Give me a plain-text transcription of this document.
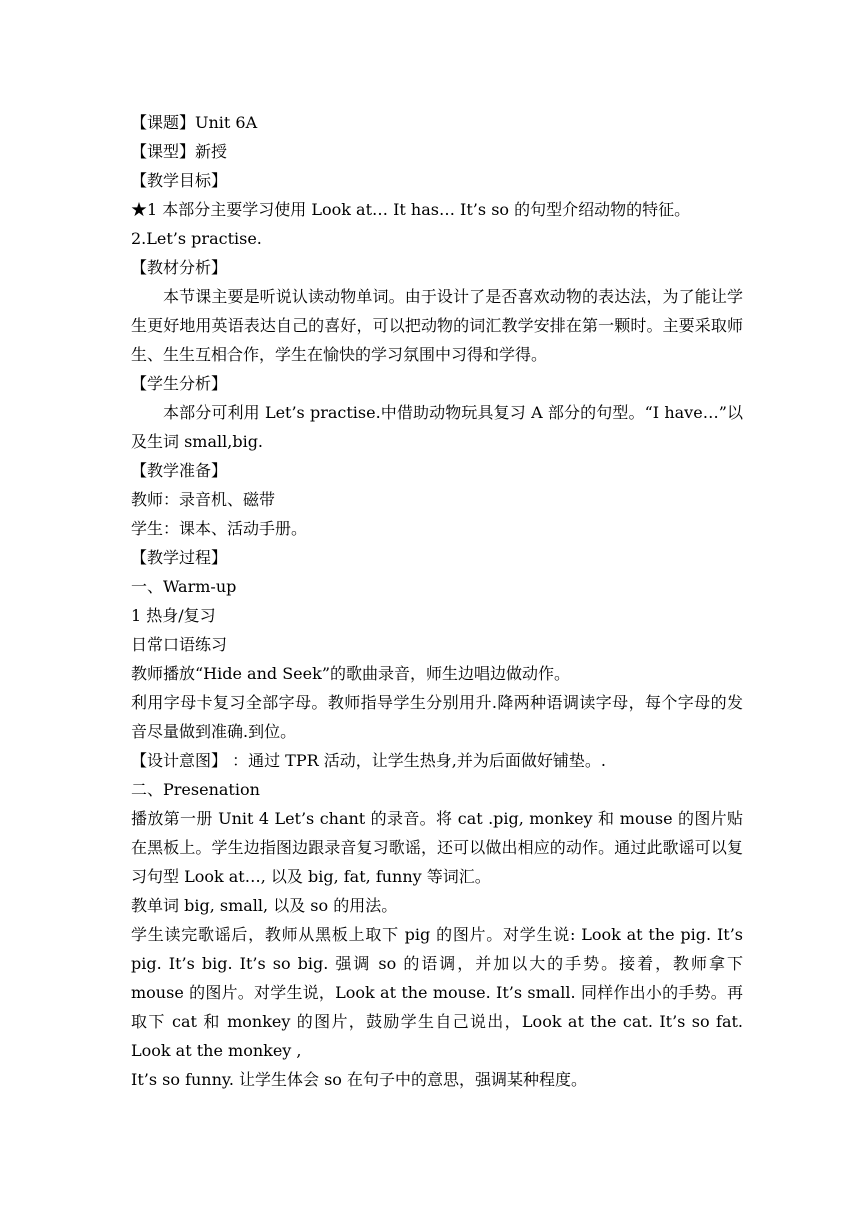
【课题】Unit 6A

【课型】新授

【教学目标】

★1 本部分主要学习使用 Look at… It has… It’s so 的句型介绍动物的特征。

2.Let’s practise.

【教材分析】

本节课主要是听说认读动物单词。由于设计了是否喜欢动物的表达法，为了能让学生更好地用英语表达自己的喜好，可以把动物的词汇教学安排在第一颗时。主要采取师生、生生互相合作，学生在愉快的学习氛围中习得和学得。

【学生分析】

本部分可利用 Let’s practise.中借助动物玩具复习 A 部分的句型。“I have…”以及生词 small,big.

【教学准备】

教师：录音机、磁带

学生：课本、活动手册。

【教学过程】

一、Warm-up

1 热身/复习

日常口语练习

教师播放“Hide and Seek”的歌曲录音，师生边唱边做动作。

利用字母卡复习全部字母。教师指导学生分别用升.降两种语调读字母，每个字母的发音尽量做到准确.到位。

【设计意图】 ：通过 TPR 活动，让学生热身,并为后面做好铺垫。.

二、Presenation

播放第一册 Unit 4 Let’s chant 的录音。将 cat .pig, monkey 和 mouse 的图片贴在黑板上。学生边指图边跟录音复习歌谣，还可以做出相应的动作。通过此歌谣可以复习句型 Look at…, 以及 big, fat, funny 等词汇。

教单词 big, small, 以及 so 的用法。

学生读完歌谣后，教师从黑板上取下 pig 的图片。对学生说: Look at the pig. It’s pig. It’s big. It’s so big. 强调 so 的语调，并加以大的手势。接着，教师拿下 mouse 的图片。对学生说，Look at the mouse. It’s small. 同样作出小的手势。再取下 cat 和 monkey 的图片，鼓励学生自己说出，Look at the cat. It’s so fat. Look at the monkey ,

It’s so funny. 让学生体会 so 在句子中的意思，强调某种程度。
